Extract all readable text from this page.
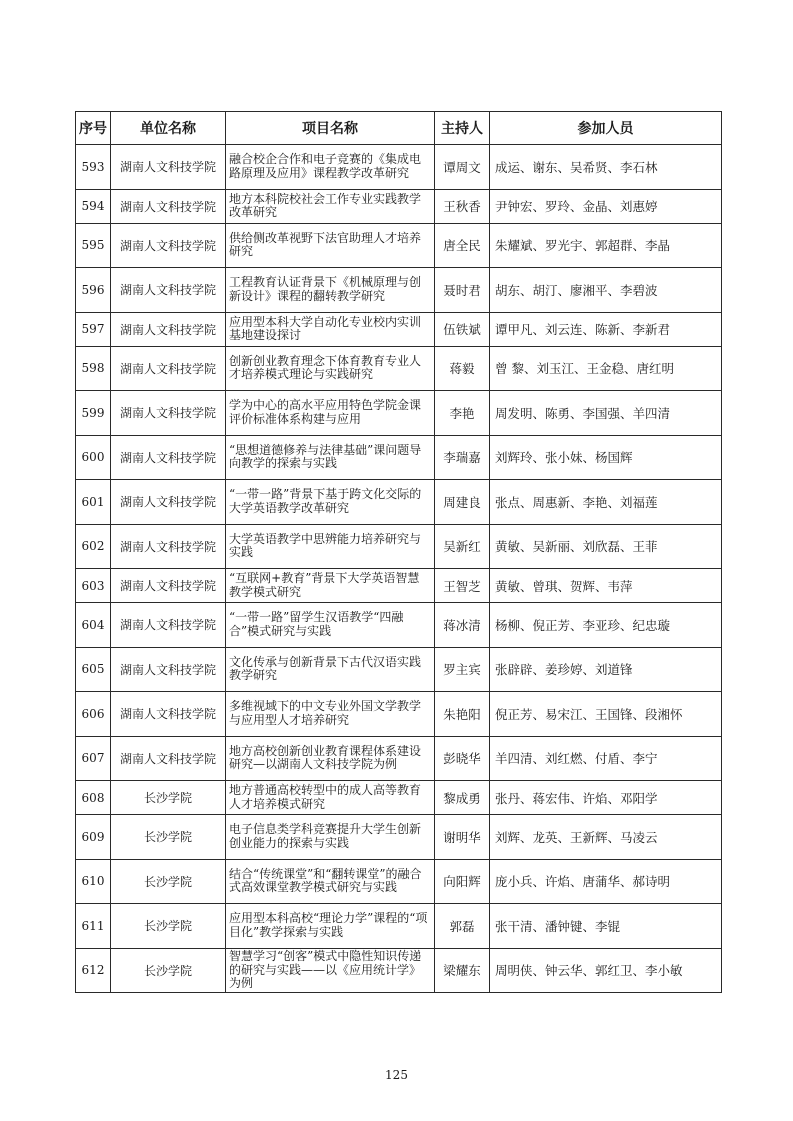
序号	单位名称	项目名称	主持人	参加人员
593	湖南人文科技学院	融合校企合作和电子竞赛的《集成电路原理及应用》课程教学改革研究	谭周文	成运、谢东、吴希贤、李石林
594	湖南人文科技学院	地方本科院校社会工作专业实践教学改革研究	王秋香	尹钟宏、罗玲、金晶、刘惠婷
595	湖南人文科技学院	供给侧改革视野下法官助理人才培养研究	唐全民	朱耀斌、罗光宇、郭超群、李晶
596	湖南人文科技学院	工程教育认证背景下《机械原理与创新设计》课程的翻转教学研究	聂时君	胡东、胡汀、廖湘平、李碧波
597	湖南人文科技学院	应用型本科大学自动化专业校内实训基地建设探讨	伍铁斌	谭甲凡、刘云连、陈新、李新君
598	湖南人文科技学院	创新创业教育理念下体育教育专业人才培养模式理论与实践研究	蒋毅	曾 黎、刘玉江、王金稳、唐红明
599	湖南人文科技学院	学为中心的高水平应用特色学院金课评价标准体系构建与应用	李艳	周发明、陈勇、李国强、羊四清
600	湖南人文科技学院	“思想道德修养与法律基础”课问题导向教学的探索与实践	李瑞嘉	刘辉玲、张小妹、杨国辉
601	湖南人文科技学院	“一带一路”背景下基于跨文化交际的大学英语教学改革研究	周建良	张点、周惠新、李艳、刘福莲
602	湖南人文科技学院	大学英语教学中思辨能力培养研究与实践	吴新红	黄敏、吴新丽、刘欣磊、王菲
603	湖南人文科技学院	“互联网+教育”背景下大学英语智慧教学模式研究	王智芝	黄敏、曾琪、贺辉、韦萍
604	湖南人文科技学院	“一带一路”留学生汉语教学“四融合”模式研究与实践	蒋冰清	杨柳、倪正芳、李亚珍、纪忠璇
605	湖南人文科技学院	文化传承与创新背景下古代汉语实践教学研究	罗主宾	张辟辟、姜珍婷、刘道锋
606	湖南人文科技学院	多维视域下的中文专业外国文学教学与应用型人才培养研究	朱艳阳	倪正芳、易宋江、王国锋、段湘怀
607	湖南人文科技学院	地方高校创新创业教育课程体系建设研究—以湖南人文科技学院为例	彭晓华	羊四清、刘红燃、付盾、李宁
608	长沙学院	地方普通高校转型中的成人高等教育人才培养模式研究	黎成勇	张丹、蒋宏伟、许焰、邓阳学
609	长沙学院	电子信息类学科竞赛提升大学生创新创业能力的探索与实践	谢明华	刘辉、龙英、王新辉、马凌云
610	长沙学院	结合“传统课堂”和“翻转课堂”的融合式高效课堂教学模式研究与实践	向阳辉	庞小兵、许焰、唐蒲华、郝诗明
611	长沙学院	应用型本科高校“理论力学”课程的“项目化”教学探索与实践	郭磊	张干清、潘钟键、李锟
612	长沙学院	智慧学习“创客”模式中隐性知识传递的研究与实践——以《应用统计学》为例	梁耀东	周明侠、钟云华、郭红卫、李小敏
125
